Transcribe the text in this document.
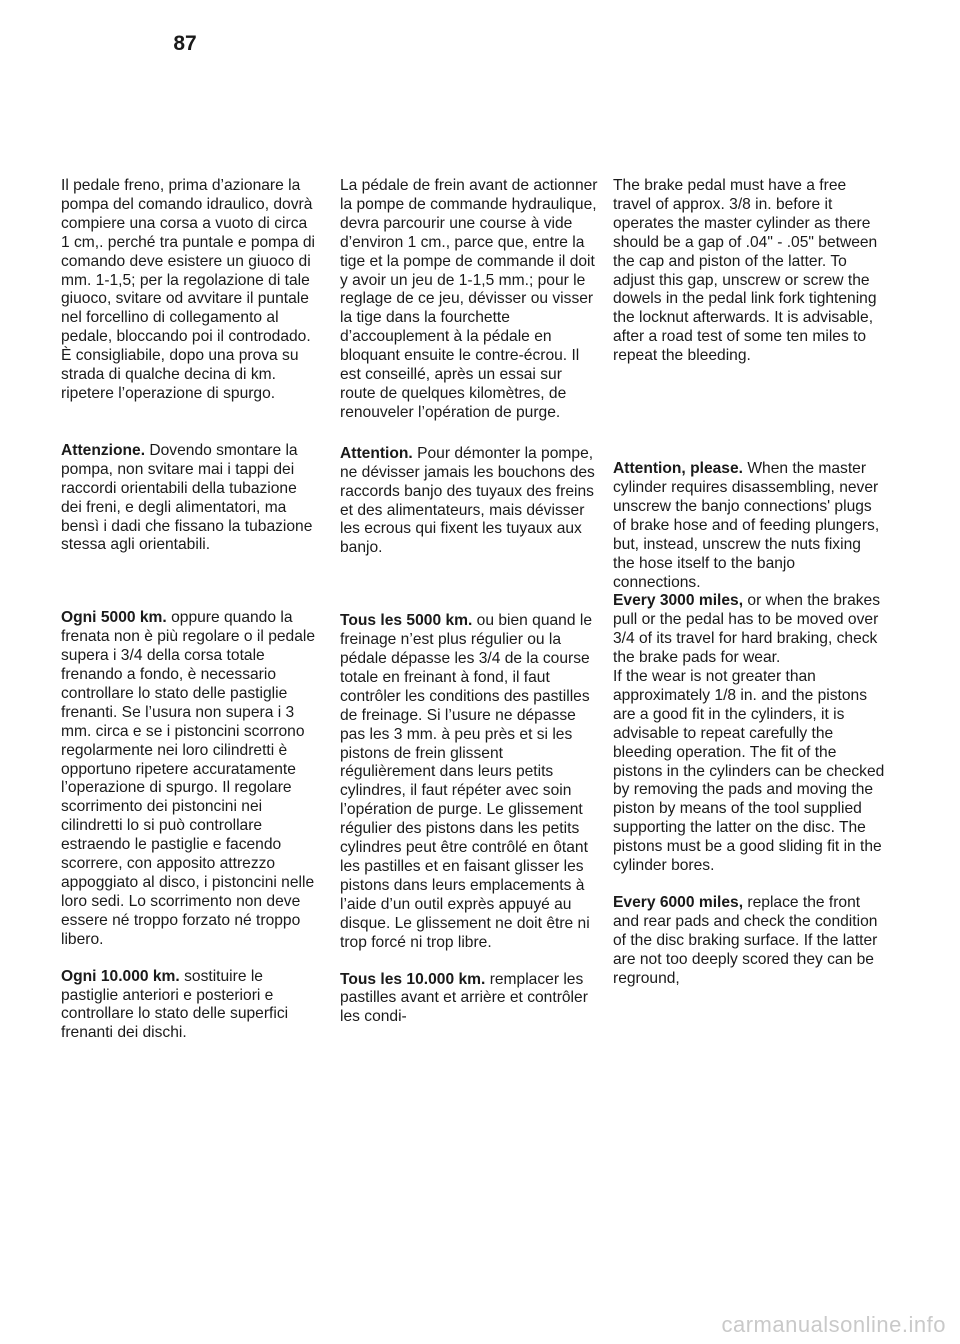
87

Il pedale freno, prima d’azionare la pompa del comando idraulico, dovrà compiere una corsa a vuoto di circa 1 cm,. perché tra puntale e pompa di comando deve esistere un giuoco di mm. 1-1,5; per la regolazione di tale giuoco, svitare od avvitare il puntale nel forcellino di collegamento al pedale, bloccando poi il controdado. È consigliabile, dopo una prova su strada di qualche decina di km. ripetere l’operazione di spurgo.

Attenzione. Dovendo smontare la pompa, non svitare mai i tappi dei raccordi orientabili della tubazione dei freni, e degli alimentatori, ma bensì i dadi che fissano la tubazione stessa agli orientabili.

Ogni 5000 km. oppure quando la frenata non è più regolare o il pedale supera i 3/4 della corsa totale frenando a fondo, è necessario controllare lo stato delle pastiglie frenanti. Se l’usura non supera i 3 mm. circa e se i pistoncini scorrono regolarmente nei loro cilindretti è opportuno ripetere accuratamente l’operazione di spurgo. Il regolare scorrimento dei pistoncini nei cilindretti lo si può controllare estraendo le pastiglie e facendo scorrere, con apposito attrezzo appoggiato al disco, i pistoncini nelle loro sedi. Lo scorrimento non deve essere né troppo forzato né troppo libero.

Ogni 10.000 km. sostituire le pastiglie anteriori e posteriori e controllare lo stato delle superfici frenanti dei dischi.

La pédale de frein avant de actionner la pompe de commande hydraulique, devra parcourir une course à vide d’environ 1 cm., parce que, entre la tige et la pompe de commande il doit y avoir un jeu de 1-1,5 mm.; pour le reglage de ce jeu, dévisser ou visser la tige dans la fourchette d’accouplement à la pédale en bloquant ensuite le contre-écrou. Il est conseillé, après un essai sur route de quelques kilomètres, de renouveler l’opération de purge.

Attention. Pour démonter la pompe, ne dévisser jamais les bouchons des raccords banjo des tuyaux des freins et des alimentateurs, mais dévisser les ecrous qui fixent les tuyaux aux banjo.

Tous les 5000 km. ou bien quand le freinage n’est plus régulier ou la pédale dépasse les 3/4 de la course totale en freinant à fond, il faut contrôler les conditions des pastilles de freinage. Si l’usure ne dépasse pas les 3 mm. à peu près et si les pistons de frein glissent régulièrement dans leurs petits cylindres, il faut répéter avec soin l’opération de purge. Le glissement régulier des pistons dans les petits cylindres peut être contrôlé en ôtant les pastilles et en faisant glisser les pistons dans leurs emplacements à l’aide d’un outil exprès appuyé au disque. Le glissement ne doit être ni trop forcé ni trop libre.

Tous les 10.000 km. remplacer les pastilles avant et arrière et contrôler les condi-

The brake pedal must have a free travel of approx. 3/8 in. before it operates the master cylinder as there should be a gap of .04" - .05" between the cap and piston of the latter. To adjust this gap, unscrew or screw the dowels in the pedal link fork tightening the locknut afterwards. It is advisable, after a road test of some ten miles to repeat the bleeding.

Attention, please. When the master cylinder requires disassembling, never unscrew the banjo connections' plugs of brake hose and of feeding plungers, but, instead, unscrew the nuts fixing the hose itself to the banjo connections.

Every 3000 miles, or when the brakes pull or the pedal has to be moved over 3/4 of its travel for hard braking, check the brake pads for wear.

If the wear is not greater than approximately 1/8 in. and the pistons are a good fit in the cylinders, it is advisable to repeat carefully the bleeding operation. The fit of the pistons in the cylinders can be checked by removing the pads and moving the piston by means of the tool supplied supporting the latter on the disc. The pistons must be a good sliding fit in the cylinder bores.

Every 6000 miles, replace the front and rear pads and check the condition of the disc braking surface. If the latter are not too deeply scored they can be reground,

carmanualsonline.info
